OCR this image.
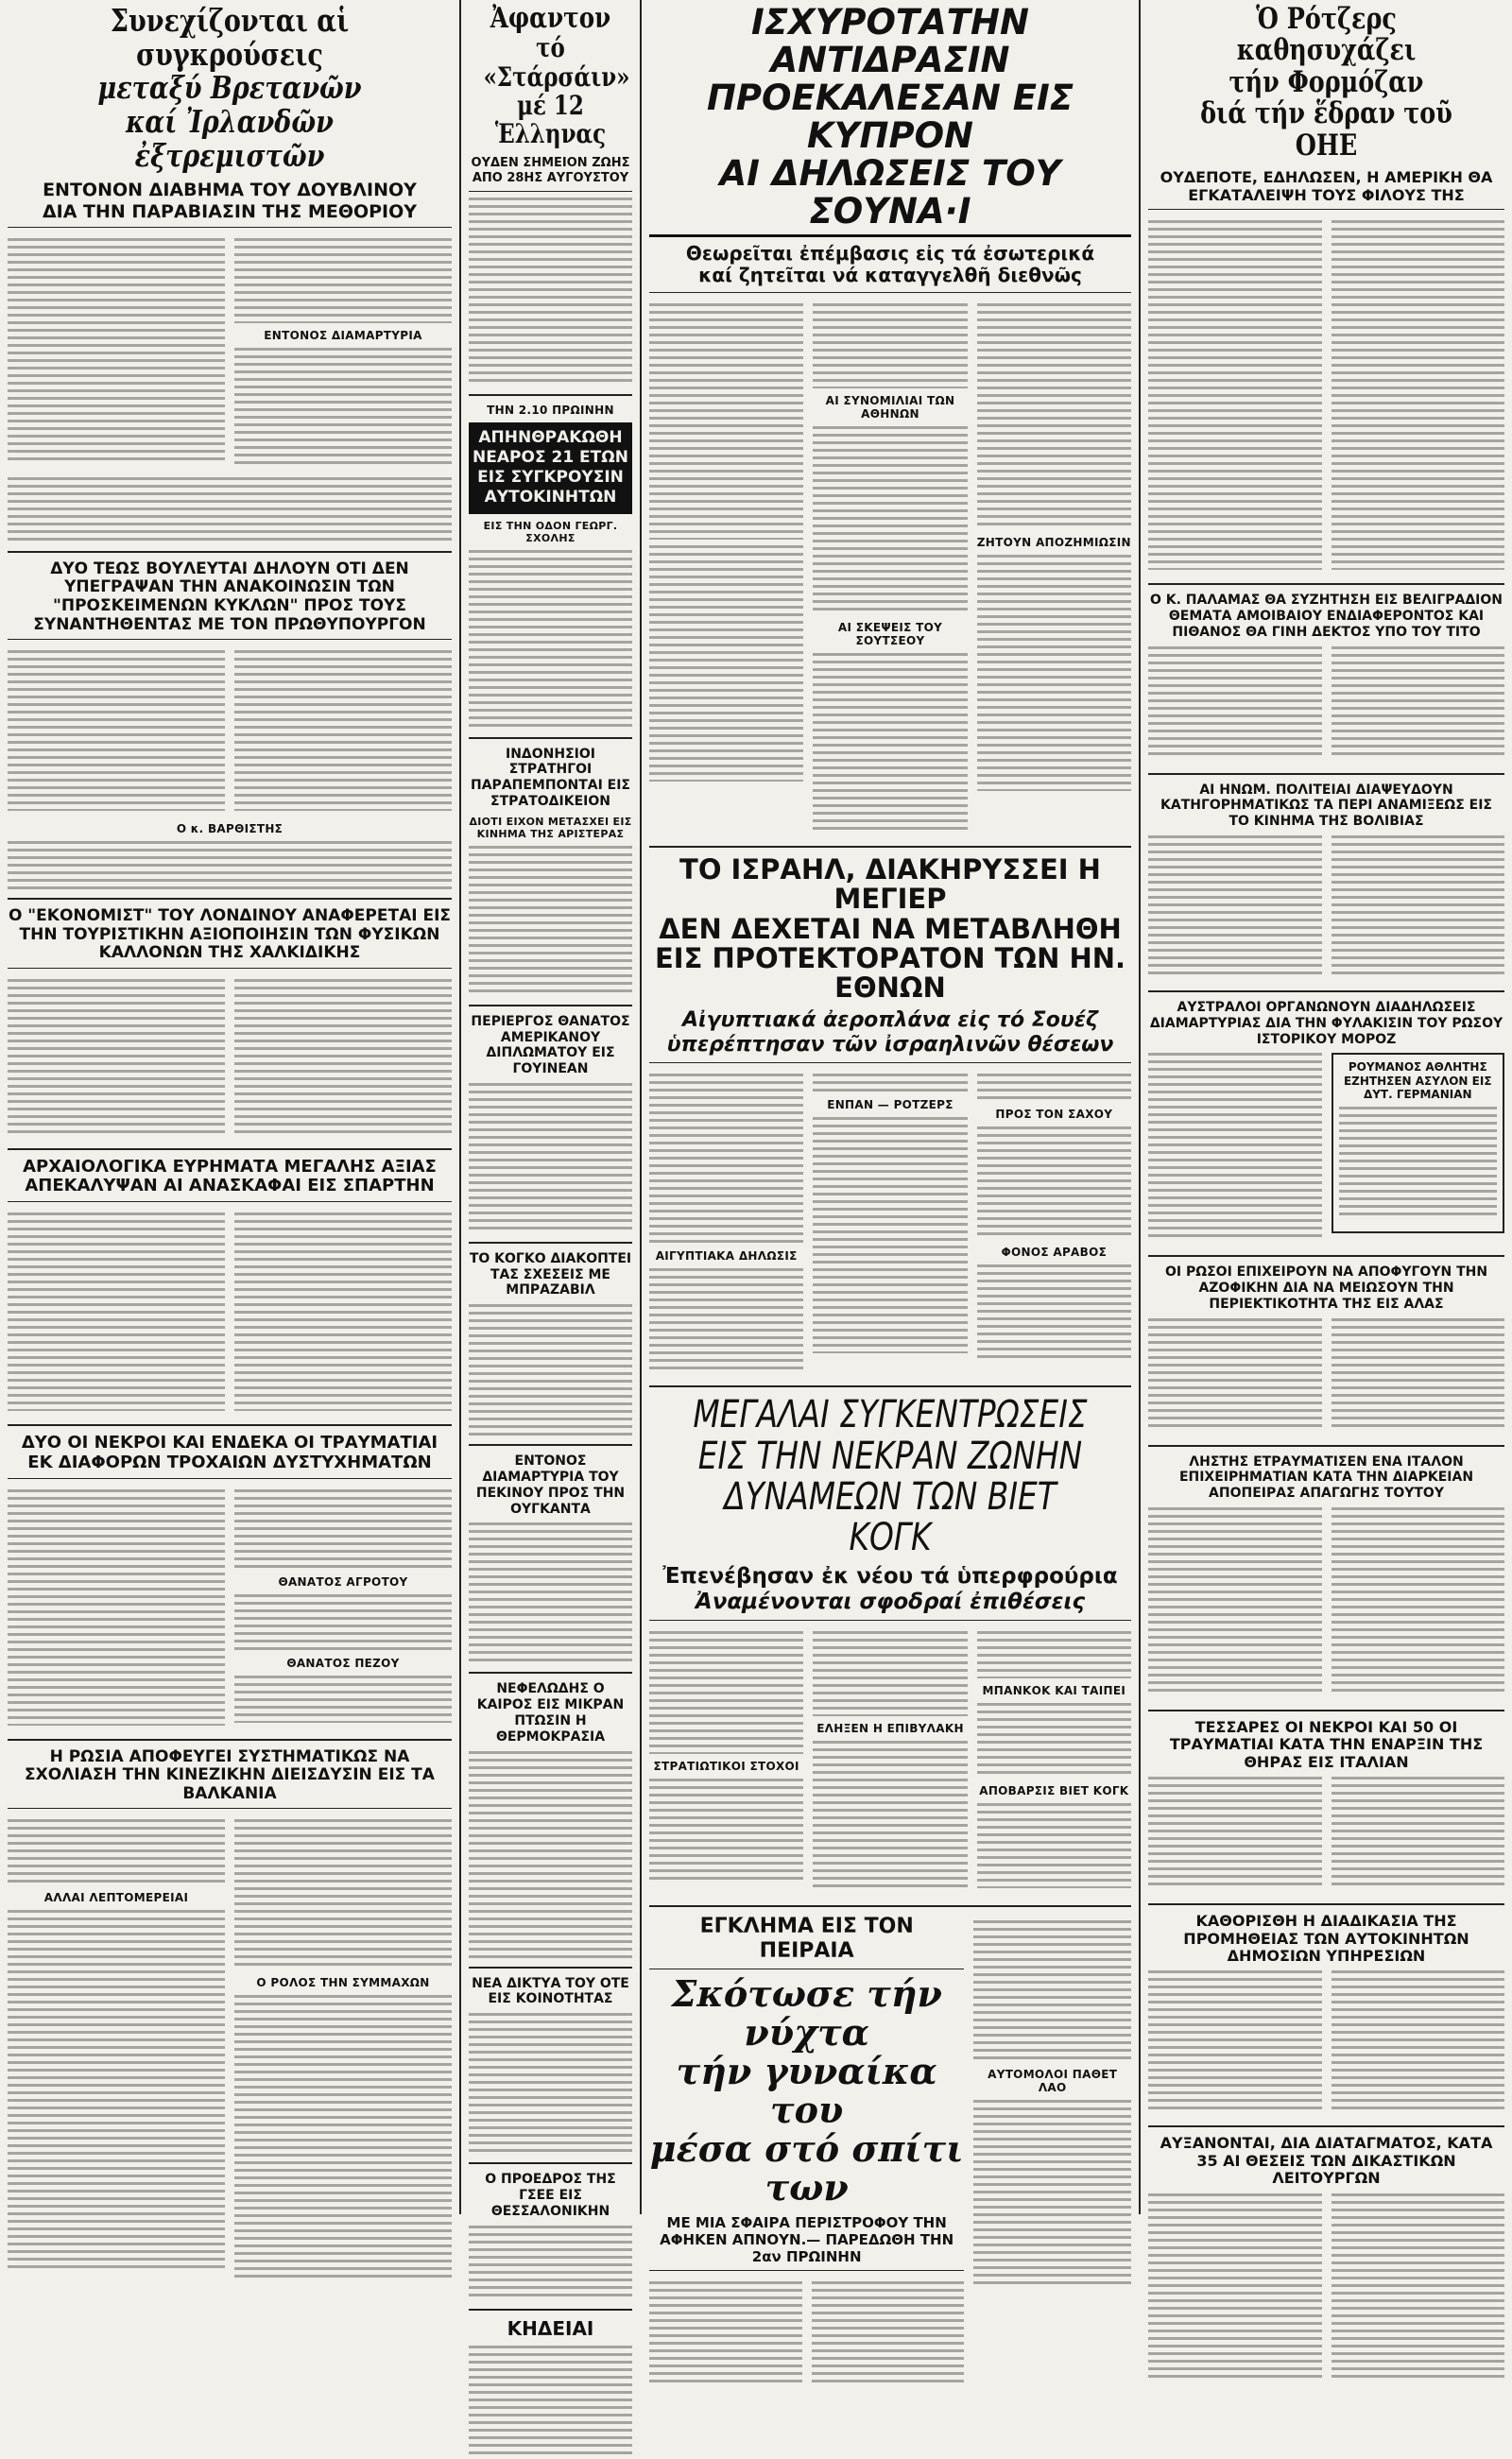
Συνεχίζονται αἱ συγκρούσεις
μεταξύ Βρετανῶν
καί Ἰρλανδῶν ἐξτρεμιστῶν
ΕΝΤΟΝΟΝ ΔΙΑΒΗΜΑ ΤΟΥ ΔΟΥΒΛΙΝΟΥ
ΔΙΑ ΤΗΝ ΠΑΡΑΒΙΑΣΙΝ ΤΗΣ ΜΕΘΟΡΙΟΥ
ΕΝΤΟΝΟΣ ΔΙΑΜΑΡΤΥΡΙΑ
ΔΥΟ ΤΕΩΣ ΒΟΥΛΕΥΤΑΙ ΔΗΛΟΥΝ ΟΤΙ ΔΕΝ ΥΠΕΓΡΑΨΑΝ ΤΗΝ ΑΝΑΚΟΙΝΩΣΙΝ ΤΩΝ "ΠΡΟΣΚΕΙΜΕΝΩΝ ΚΥΚΛΩΝ" ΠΡΟΣ ΤΟΥΣ ΣΥΝΑΝΤΗΘΕΝΤΑΣ ΜΕ ΤΟΝ ΠΡΩΘΥΠΟΥΡΓΟΝ
Ο κ. ΒΑΡΘΙΣΤΗΣ
Ο "ΕΚΟΝΟΜΙΣΤ" ΤΟΥ ΛΟΝΔΙΝΟΥ ΑΝΑΦΕΡΕΤΑΙ ΕΙΣ ΤΗΝ ΤΟΥΡΙΣΤΙΚΗΝ ΑΞΙΟΠΟΙΗΣΙΝ ΤΩΝ ΦΥΣΙΚΩΝ ΚΑΛΛΟΝΩΝ ΤΗΣ ΧΑΛΚΙΔΙΚΗΣ
ΑΡΧΑΙΟΛΟΓΙΚΑ ΕΥΡΗΜΑΤΑ ΜΕΓΑΛΗΣ ΑΞΙΑΣ ΑΠΕΚΑΛΥΨΑΝ ΑΙ ΑΝΑΣΚΑΦΑΙ ΕΙΣ ΣΠΑΡΤΗΝ
ΔΥΟ ΟΙ ΝΕΚΡΟΙ ΚΑΙ ΕΝΔΕΚΑ ΟΙ ΤΡΑΥΜΑΤΙΑΙ ΕΚ ΔΙΑΦΟΡΩΝ ΤΡΟΧΑΙΩΝ ΔΥΣΤΥΧΗΜΑΤΩΝ
ΘΑΝΑΤΟΣ ΑΓΡΟΤΟΥ
ΘΑΝΑΤΟΣ ΠΕΖΟΥ
Η ΡΩΣΙΑ ΑΠΟΦΕΥΓΕΙ ΣΥΣΤΗΜΑΤΙΚΩΣ ΝΑ ΣΧΟΛΙΑΣΗ ΤΗΝ ΚΙΝΕΖΙΚΗΝ ΔΙΕΙΣΔΥΣΙΝ ΕΙΣ ΤΑ ΒΑΛΚΑΝΙΑ
ΑΛΛΑΙ ΛΕΠΤΟΜΕΡΕΙΑΙ
Ο ΡΟΛΟΣ ΤΗΝ ΣΥΜΜΑΧΩΝ
Ἀφαντον
τό «Στάρσάιν»
μέ 12 Ἑλληνας
ΟΥΔΕΝ ΣΗΜΕΙΟΝ ΖΩΗΣ ΑΠΟ 28ΗΣ ΑΥΓΟΥΣΤΟΥ
ΤΗΝ 2.10 ΠΡΩΙΝΗΝ
ΑΠΗΝΘΡΑΚΩΘΗ ΝΕΑΡΟΣ 21 ΕΤΩΝ ΕΙΣ ΣΥΓΚΡΟΥΣΙΝ ΑΥΤΟΚΙΝΗΤΩΝ
ΕΙΣ ΤΗΝ ΟΔΟΝ ΓΕΩΡΓ. ΣΧΟΛΗΣ
ΙΝΔΟΝΗΣΙΟΙ ΣΤΡΑΤΗΓΟΙ ΠΑΡΑΠΕΜΠΟΝΤΑΙ ΕΙΣ ΣΤΡΑΤΟΔΙΚΕΙΟΝ
ΔΙΟΤΙ ΕΙΧΟΝ ΜΕΤΑΣΧΕΙ ΕΙΣ ΚΙΝΗΜΑ ΤΗΣ ΑΡΙΣΤΕΡΑΣ
ΠΕΡΙΕΡΓΟΣ ΘΑΝΑΤΟΣ ΑΜΕΡΙΚΑΝΟΥ ΔΙΠΛΩΜΑΤΟΥ ΕΙΣ ΓΟΥΙΝΕΑΝ
ΤΟ ΚΟΓΚΟ ΔΙΑΚΟΠΤΕΙ ΤΑΣ ΣΧΕΣΕΙΣ ΜΕ ΜΠΡΑΖΑΒΙΛ
ΕΝΤΟΝΟΣ ΔΙΑΜΑΡΤΥΡΙΑ ΤΟΥ ΠΕΚΙΝΟΥ ΠΡΟΣ ΤΗΝ ΟΥΓΚΑΝΤΑ
ΝΕΦΕΛΩΔΗΣ Ο ΚΑΙΡΟΣ ΕΙΣ ΜΙΚΡΑΝ ΠΤΩΣΙΝ Η ΘΕΡΜΟΚΡΑΣΙΑ
ΝΕΑ ΔΙΚΤΥΑ ΤΟΥ ΟΤΕ ΕΙΣ ΚΟΙΝΟΤΗΤΑΣ
Ο ΠΡΟΕΔΡΟΣ ΤΗΣ ΓΣΕΕ ΕΙΣ ΘΕΣΣΑΛΟΝΙΚΗΝ
ΚΗΔΕΙΑΙ
ΙΣΧΥΡΟΤΑΤΗΝ ΑΝΤΙΔΡΑΣΙΝ
ΠΡΟΕΚΑΛΕΣΑΝ ΕΙΣ ΚΥΠΡΟΝ
ΑΙ ΔΗΛΩΣΕΙΣ ΤΟΥ ΣΟΥΝΑ·Ι
Θεωρεῖται ἐπέμβασις εἰς τά ἐσωτερικά
καί ζητεῖται νά καταγγελθῆ διεθνῶς
ΑΙ ΣΥΝΟΜΙΛΙΑΙ ΤΩΝ ΑΘΗΝΩΝ
ΑΙ ΣΚΕΨΕΙΣ ΤΟΥ ΣΟΥΤΣΕΟΥ
ΖΗΤΟΥΝ ΑΠΟΖΗΜΙΩΣΙΝ
ΤΟ ΙΣΡΑΗΛ, ΔΙΑΚΗΡΥΣΣΕΙ Η ΜΕΓΙΕΡ
ΔΕΝ ΔΕΧΕΤΑΙ ΝΑ ΜΕΤΑΒΛΗΘΗ
ΕΙΣ ΠΡΟΤΕΚΤΟΡΑΤΟΝ ΤΩΝ ΗΝ. ΕΘΝΩΝ
Αἰγυπτιακά ἀεροπλάνα εἰς τό Σουέζ
ὑπερέπτησαν τῶν ἰσραηλινῶν θέσεων
ΑΙΓΥΠΤΙΑΚΑ ΔΗΛΩΣΙΣ
ΕΝΠΑΝ — ΡΟΤΖΕΡΣ
ΠΡΟΣ ΤΟΝ ΣΑΧΟΥ
ΦΟΝΟΣ ΑΡΑΒΟΣ
ΜΕΓΑΛΑΙ ΣΥΓΚΕΝΤΡΩΣΕΙΣ
ΕΙΣ ΤΗΝ ΝΕΚΡΑΝ ΖΩΝΗΝ
ΔΥΝΑΜΕΩΝ ΤΩΝ ΒΙΕΤ ΚΟΓΚ
Ἐπενέβησαν ἐκ νέου τά ὑπερφρούρια
Ἀναμένονται σφοδραί ἐπιθέσεις
ΣΤΡΑΤΙΩΤΙΚΟΙ ΣΤΟΧΟΙ
ΕΛΗΞΕΝ Η ΕΠΙΒΥΛΑΚΗ
ΜΠΑΝΚΟΚ ΚΑΙ ΤΑΙΠΕΙ
ΑΠΟΒΑΡΣΙΣ ΒΙΕΤ ΚΟΓΚ
ΕΓΚΛΗΜΑ ΕΙΣ ΤΟΝ ΠΕΙΡΑΙΑ
Σκότωσε τήν νύχτα
τήν γυναίκα του
μέσα στό σπίτι των
ΜΕ ΜΙΑ ΣΦΑΙΡΑ ΠΕΡΙΣΤΡΟΦΟΥ ΤΗΝ ΑΦΗΚΕΝ ΑΠΝΟΥΝ.— ΠΑΡΕΔΩΘΗ ΤΗΝ 2αν ΠΡΩΙΝΗΝ
ΑΥΤΟΜΟΛΟΙ ΠΑΘΕΤ ΛΑΟ
Ὁ Ρότζερς καθησυχάζει
τήν Φορμόζαν
διά τήν ἕδραν τοῦ ΟΗΕ
ΟΥΔΕΠΟΤΕ, ΕΔΗΛΩΣΕΝ, Η ΑΜΕΡΙΚΗ ΘΑ ΕΓΚΑΤΑΛΕΙΨΗ ΤΟΥΣ ΦΙΛΟΥΣ ΤΗΣ
Ο Κ. ΠΑΛΑΜΑΣ ΘΑ ΣΥΖΗΤΗΣΗ ΕΙΣ ΒΕΛΙΓΡΑΔΙΟΝ ΘΕΜΑΤΑ ΑΜΟΙΒΑΙΟΥ ΕΝΔΙΑΦΕΡΟΝΤΟΣ ΚΑΙ ΠΙΘΑΝΟΣ ΘΑ ΓΙΝΗ ΔΕΚΤΟΣ ΥΠΟ ΤΟΥ ΤΙΤΟ
ΑΙ ΗΝΩΜ. ΠΟΛΙΤΕΙΑΙ ΔΙΑΨΕΥΔΟΥΝ ΚΑΤΗΓΟΡΗΜΑΤΙΚΩΣ ΤΑ ΠΕΡΙ ΑΝΑΜΙΞΕΩΣ ΕΙΣ ΤΟ ΚΙΝΗΜΑ ΤΗΣ ΒΟΛΙΒΙΑΣ
ΑΥΣΤΡΑΛΟΙ ΟΡΓΑΝΩΝΟΥΝ ΔΙΑΔΗΛΩΣΕΙΣ ΔΙΑΜΑΡΤΥΡΙΑΣ ΔΙΑ ΤΗΝ ΦΥΛΑΚΙΣΙΝ ΤΟΥ ΡΩΣΟΥ ΙΣΤΟΡΙΚΟΥ ΜΟΡΟΖ
ΡΟΥΜΑΝΟΣ ΑΘΛΗΤΗΣ ΕΖΗΤΗΣΕΝ ΑΣΥΛΟΝ ΕΙΣ ΔΥΤ. ΓΕΡΜΑΝΙΑΝ
ΟΙ ΡΩΣΟΙ ΕΠΙΧΕΙΡΟΥΝ ΝΑ ΑΠΟΦΥΓΟΥΝ ΤΗΝ ΑΖΟΦΙΚΗΝ ΔΙΑ ΝΑ ΜΕΙΩΣΟΥΝ ΤΗΝ ΠΕΡΙΕΚΤΙΚΟΤΗΤΑ ΤΗΣ ΕΙΣ ΑΛΑΣ
ΛΗΣΤΗΣ ΕΤΡΑΥΜΑΤΙΣΕΝ ΕΝΑ ΙΤΑΛΟΝ ΕΠΙΧΕΙΡΗΜΑΤΙΑΝ ΚΑΤΑ ΤΗΝ ΔΙΑΡΚΕΙΑΝ ΑΠΟΠΕΙΡΑΣ ΑΠΑΓΩΓΗΣ ΤΟΥΤΟΥ
ΤΕΣΣΑΡΕΣ ΟΙ ΝΕΚΡΟΙ ΚΑΙ 50 ΟΙ ΤΡΑΥΜΑΤΙΑΙ ΚΑΤΑ ΤΗΝ ΕΝΑΡΞΙΝ ΤΗΣ ΘΗΡΑΣ ΕΙΣ ΙΤΑΛΙΑΝ
ΚΑΘΟΡΙΣΘΗ Η ΔΙΑΔΙΚΑΣΙΑ ΤΗΣ ΠΡΟΜΗΘΕΙΑΣ ΤΩΝ ΑΥΤΟΚΙΝΗΤΩΝ ΔΗΜΟΣΙΩΝ ΥΠΗΡΕΣΙΩΝ
ΑΥΞΑΝΟΝΤΑΙ, ΔΙΑ ΔΙΑΤΑΓΜΑΤΟΣ, ΚΑΤΑ 35 ΑΙ ΘΕΣΕΙΣ ΤΩΝ ΔΙΚΑΣΤΙΚΩΝ ΛΕΙΤΟΥΡΓΩΝ
